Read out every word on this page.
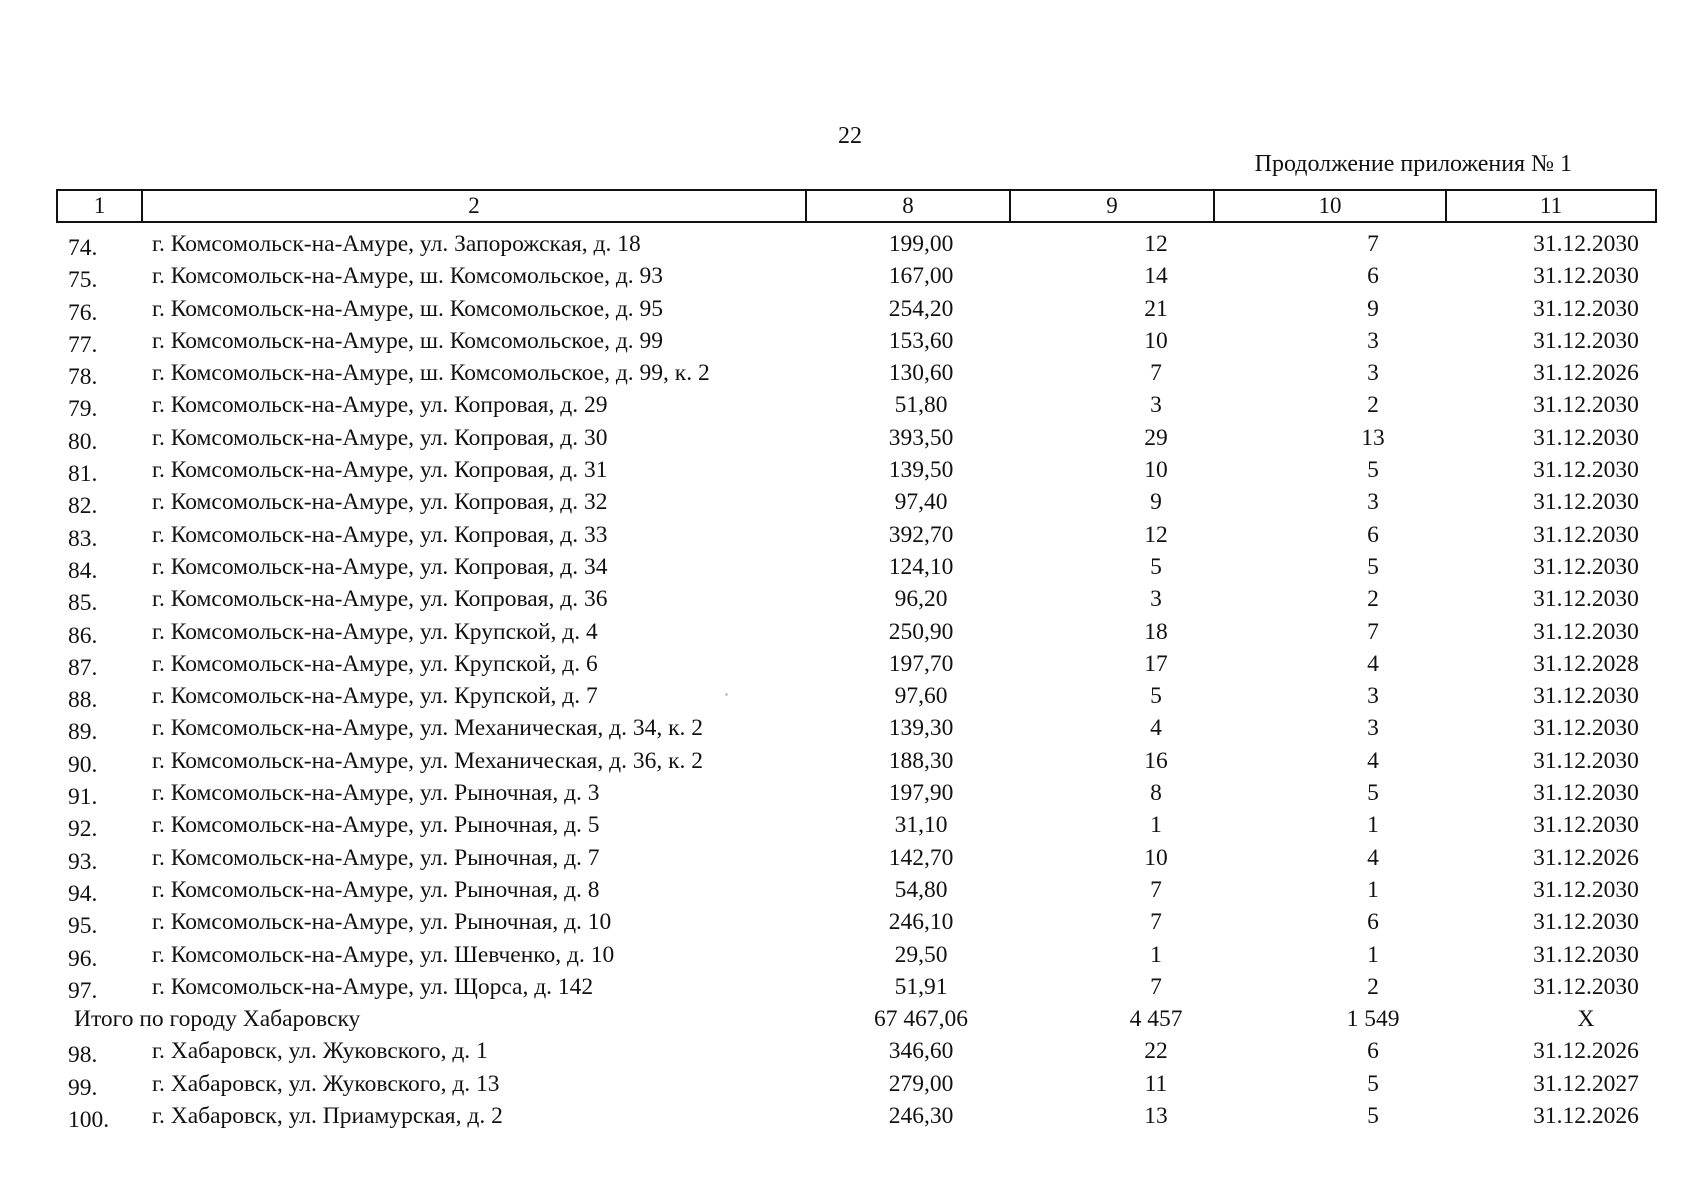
22
Продолжение приложения № 1
1	2	8	9	10	11
74. г. Комсомольск-на-Амуре, ул. Запорожская, д. 18	199,00	12	7	31.12.2030
75. г. Комсомольск-на-Амуре, ш. Комсомольское, д. 93	167,00	14	6	31.12.2030
76. г. Комсомольск-на-Амуре, ш. Комсомольское, д. 95	254,20	21	9	31.12.2030
77. г. Комсомольск-на-Амуре, ш. Комсомольское, д. 99	153,60	10	3	31.12.2030
78. г. Комсомольск-на-Амуре, ш. Комсомольское, д. 99, к. 2	130,60	7	3	31.12.2026
79. г. Комсомольск-на-Амуре, ул. Копровая, д. 29	51,80	3	2	31.12.2030
80. г. Комсомольск-на-Амуре, ул. Копровая, д. 30	393,50	29	13	31.12.2030
81. г. Комсомольск-на-Амуре, ул. Копровая, д. 31	139,50	10	5	31.12.2030
82. г. Комсомольск-на-Амуре, ул. Копровая, д. 32	97,40	9	3	31.12.2030
83. г. Комсомольск-на-Амуре, ул. Копровая, д. 33	392,70	12	6	31.12.2030
84. г. Комсомольск-на-Амуре, ул. Копровая, д. 34	124,10	5	5	31.12.2030
85. г. Комсомольск-на-Амуре, ул. Копровая, д. 36	96,20	3	2	31.12.2030
86. г. Комсомольск-на-Амуре, ул. Крупской, д. 4	250,90	18	7	31.12.2030
87. г. Комсомольск-на-Амуре, ул. Крупской, д. 6	197,70	17	4	31.12.2028
88. г. Комсомольск-на-Амуре, ул. Крупской, д. 7	97,60	5	3	31.12.2030
89. г. Комсомольск-на-Амуре, ул. Механическая, д. 34, к. 2	139,30	4	3	31.12.2030
90. г. Комсомольск-на-Амуре, ул. Механическая, д. 36, к. 2	188,30	16	4	31.12.2030
91. г. Комсомольск-на-Амуре, ул. Рыночная, д. 3	197,90	8	5	31.12.2030
92. г. Комсомольск-на-Амуре, ул. Рыночная, д. 5	31,10	1	1	31.12.2030
93. г. Комсомольск-на-Амуре, ул. Рыночная, д. 7	142,70	10	4	31.12.2026
94. г. Комсомольск-на-Амуре, ул. Рыночная, д. 8	54,80	7	1	31.12.2030
95. г. Комсомольск-на-Амуре, ул. Рыночная, д. 10	246,10	7	6	31.12.2030
96. г. Комсомольск-на-Амуре, ул. Шевченко, д. 10	29,50	1	1	31.12.2030
97. г. Комсомольск-на-Амуре, ул. Щорса, д. 142	51,91	7	2	31.12.2030
Итого по городу Хабаровску	67 467,06	4 457	1 549	Х
98. г. Хабаровск, ул. Жуковского, д. 1	346,60	22	6	31.12.2026
99. г. Хабаровск, ул. Жуковского, д. 13	279,00	11	5	31.12.2027
100. г. Хабаровск, ул. Приамурская, д. 2	246,30	13	5	31.12.2026
